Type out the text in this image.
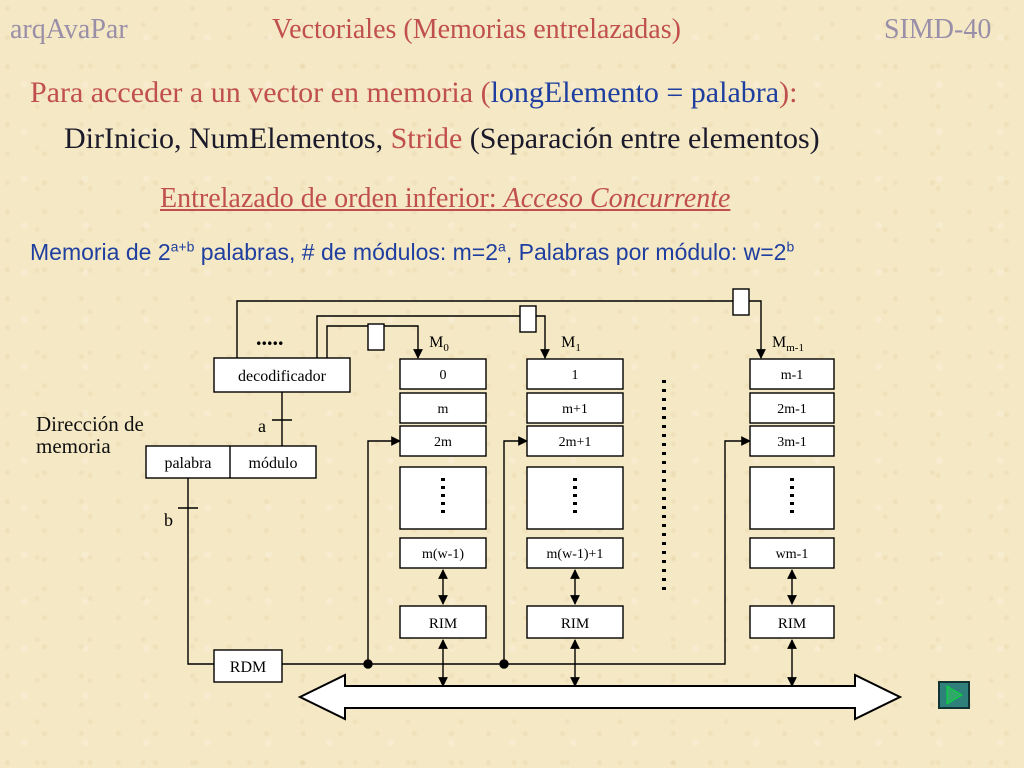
arqAvaPar	Vectoriales (Memorias entrelazadas)	SIMD-40
Para acceder a un vector en memoria (longElemento = palabra):
DirInicio, NumElementos, Stride (Separación entre elementos)
Entrelazado de orden inferior: Acceso Concurrente
Memoria de $2^{a+b}$ palabras, # de módulos: $m=2^a$, Palabras por módulo: $w=2^b$
Dirección de
memoria
.....
decodificador
a
palabra módulo
b
RDM
$M_0$
0
m
2m
m(w-1)
RIM
$M_1$
1
m+1
2m+1
m(w-1)+1
RIM
$M_{m-1}$
m-1
2m-1
3m-1
wm-1
RIM
